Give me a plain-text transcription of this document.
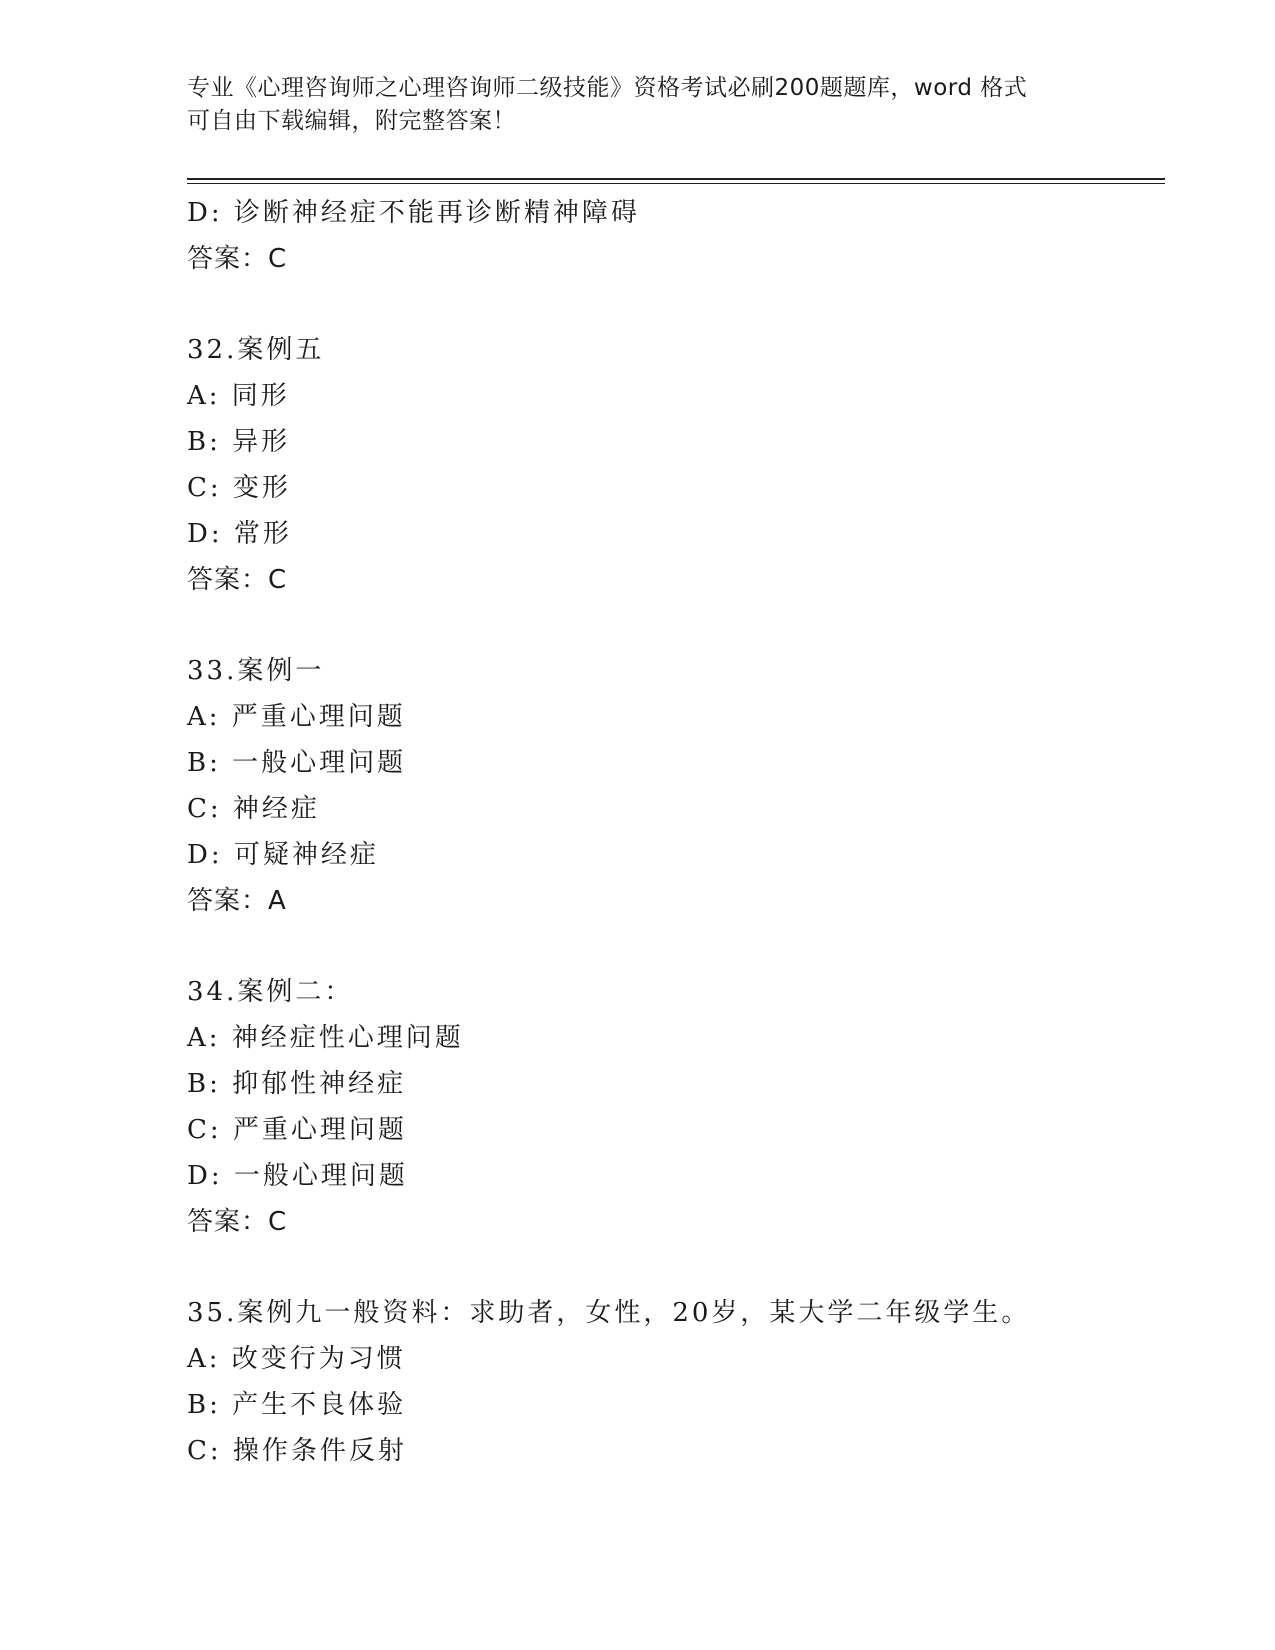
专业《心理咨询师之心理咨询师二级技能》资格考试必刷200题题库，word 格式
可自由下载编辑，附完整答案！
D: 诊断神经症不能再诊断精神障碍
答案：C
32.案例五
A: 同形
B: 异形
C: 变形
D: 常形
答案：C
33.案例一
A: 严重心理问题
B: 一般心理问题
C: 神经症
D: 可疑神经症
答案：A
34.案例二：
A: 神经症性心理问题
B: 抑郁性神经症
C: 严重心理问题
D: 一般心理问题
答案：C
35.案例九一般资料：求助者，女性，20岁，某大学二年级学生。
A: 改变行为习惯
B: 产生不良体验
C: 操作条件反射
